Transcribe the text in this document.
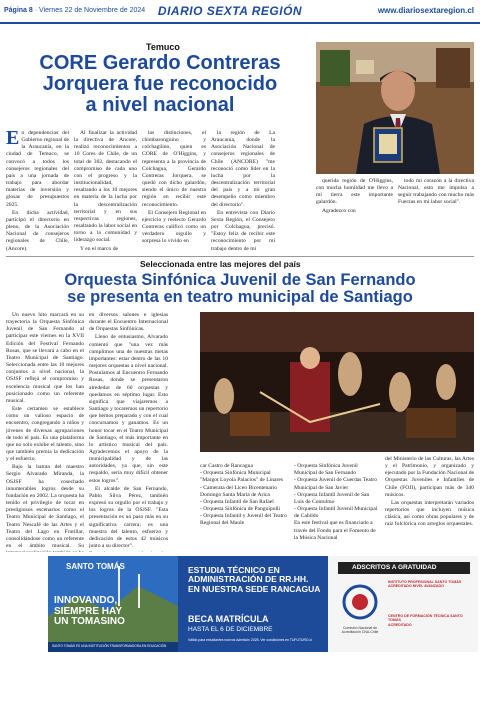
Página 8 · Viernes 22 de Noviembre de 2024	DIARIO SEXTA REGIÓN	www.diariosextaregion.cl
Temuco
CORE Gerardo Contreras
Jorquera fue reconocido
a nivel nacional

En dependencias del Gobierno regional de la Araucanía, en la ciudad de Temuco, se convocó a todos los consejeros regionales del país a una jornada de trabajo para abordar materias de inversión y glosas de presupuestos 2025.

En dicha actividad, participó el directorio en pleno, de la Asociación Nacional de consejeros regionales de Chile, (Ancore).

Al finalizar la actividad la directiva de Ancore, realizó reconocimientos a 10 Cores de Chile, de un total de 302, destacando el compromiso de cada uno con el progreso y la institucionalidad, resaltando a los 10 mejores en materia de la lucha por la descentralización territorial y en sus respectivas regiones, resaltando la labor social en torno a la comunidad y liderazgo social.

Y en el marco de

las distinciones, el chimbaronguino y colchagüino, quien es CORE de O'Higgins, y representa a la provincia de Colchagua, Gerardo Contreras Jorquera, se quedó con dicho galardón, siendo el único de nuestra región en recibir este reconocimiento.

El Consejero Regional en ejercicio y reelecto Gerardo Contreras calificó como un verdadero orgullo y sorpresa lo vivido en

la región de La Araucanía, donde la Asociación Nacional de consejeros regionales de Chile (ANCORE) "me reconoció como líder en la lucha por la descentralización territorial del país y a mi gran desempeño como miembro del directorio".

En entrevista con Diario Sexta Región, el Consejero por Colchagua, precisó. "Estoy feliz de recibir este reconocimiento por mi trabajo dentro de mi

querida región de O'Higgins, con mucha humildad me llevo a mi tierra este importante galardón.

Agradezco con

todo mi corazón a la directiva Nacional, esto me impulsa a seguir trabajando con mucho más Fuerzas en mi labor social".

Seleccionada entre las mejores del país
Orquesta Sinfónica Juvenil de San Fernando
se presenta en teatro municipal de Santiago

Un nuevo hito marcará en su trayectoria la Orquesta Sinfónica Juvenil de San Fernando al participar este viernes en la XVII Edición del Festival Fernando Rosas, que se llevará a cabo en el Teatro Municipal de Santiago. Seleccionada entre las 10 mejores conjuntos a nivel nacional, la OSJSF reflejá el compromiso y excelencia musical que los han posicionado como un referente musical.

Este certamen se establece como un valioso espacio de encuentro, congregando a niños y jóvenes de diversas agrupaciones de todo el país. Es una plataforma que no solo exhibe el talento, sino que también premia la dedicación y el esfuerzo.

Bajo la batuta del maestro Sergio Alvarado Miranda, la OSJSF ha cosechado innumerables logros desde su fundación en 2002. La orquesta ha tenido el privilegio de tocar en prestigiosos escenarios como el Teatro Municipal de Santiago, el Teatro Nescafé de las Artes y el Teatro del Lago en Frutillar, consolidándose como un referente en el ámbito musical. Su

en diversos salones e iglesias durante el Encuentro Internacional de Orquestas Sinfónicas.

Lleno de entusiasmo, Alvarado comentó que "una vez más cumplimos una de nuestras metas importantes: estar dentro de las 10 mejores orquestas a nivel nacional. Postulamos al Encuentro Fernando Rosas, donde se presentaron alrededor de 60 orquestas y quedamos en séptimo lugar. Esto significa que viajaremos a Santiago y tocaremos un repertorio que hemos preparado y con el cual concursamos y ganamos. Es un honor tocar en el Teatro Municipal de Santiago, el más importante en lo artístico musical del país. Agradecemos el apoyo de la municipalidad y de las autoridades, ya que, sin este respaldo, sería muy difícil obtener estos logros".

El alcalde de San Fernando, Pablo Silva Pérez, también expresó su orgullo por el trabajo y los logros de la OSJSF. "Esta presentación es un paso más en su significativa carrera; es una muestra del talento, esfuerzo y dedicación de estos 42 músicos junto a su director".

car Castro de Rancagua
- Orquesta Sinfónica Municipal "Margot Loyola Palacios" de Linares
- Camerata del Liceo Bicentenario Domingo Santa María de Arica
- Orquesta Infantil de San Rafael
- Orquesta Sinfónica de Panguipulli
- Orquesta Infantil y Juvenil del Teatro Regional del Maule

- Orquesta Sinfónica Juvenil Municipal de San Fernando
- Orquesta Juvenil de Cuerdas Teatro Municipal de San Javier
- Orquesta Infantil Juvenil de San Luis de Contulmo
- Orquesta Infantil Juvenil Municipal de Cabildo
En este festival que es financiado a través del Fondo para el Fomento de la Música Nacional

del Ministerio de las Culturas, las Artes y el Patrimonio, y organizado y ejecutado por la Fundación Nacional de Orquestas Juveniles e Infantiles de Chile (FOJI), participan más de 340 músicos.

Las orquestas interpretarán variados repertorios que incluyen música clásica, así como obras populares y de raíz folclórica con arreglos orquestales.

SANTO TOMÁS
INNOVANDO,
SIEMPRE HAY
UN TOMASINO
SANTO TOMÁS ES UNA INSTITUCIÓN TRANSFORMADORA EN EDUCACIÓN
ESTUDIA TÉCNICO EN
ADMINISTRACIÓN DE RR.HH.
EN NUESTRA SEDE RANCAGUA
BECA MATRÍCULA
HASTA EL 6 DE DICIEMBRE
Válido para estudiantes nuevos Admisión 2025. Ver condiciones en TUFUTURO.cl
ADSCRITOS A GRATUIDAD
Comisión Nacional de Acreditación CNA-Chile
INSTITUTO PROFESIONAL SANTO TOMÁS
ACREDITADO NIVEL AVANZADO
CENTRO DE FORMACIÓN TÉCNICA SANTO TOMÁS
ACREDITADO
